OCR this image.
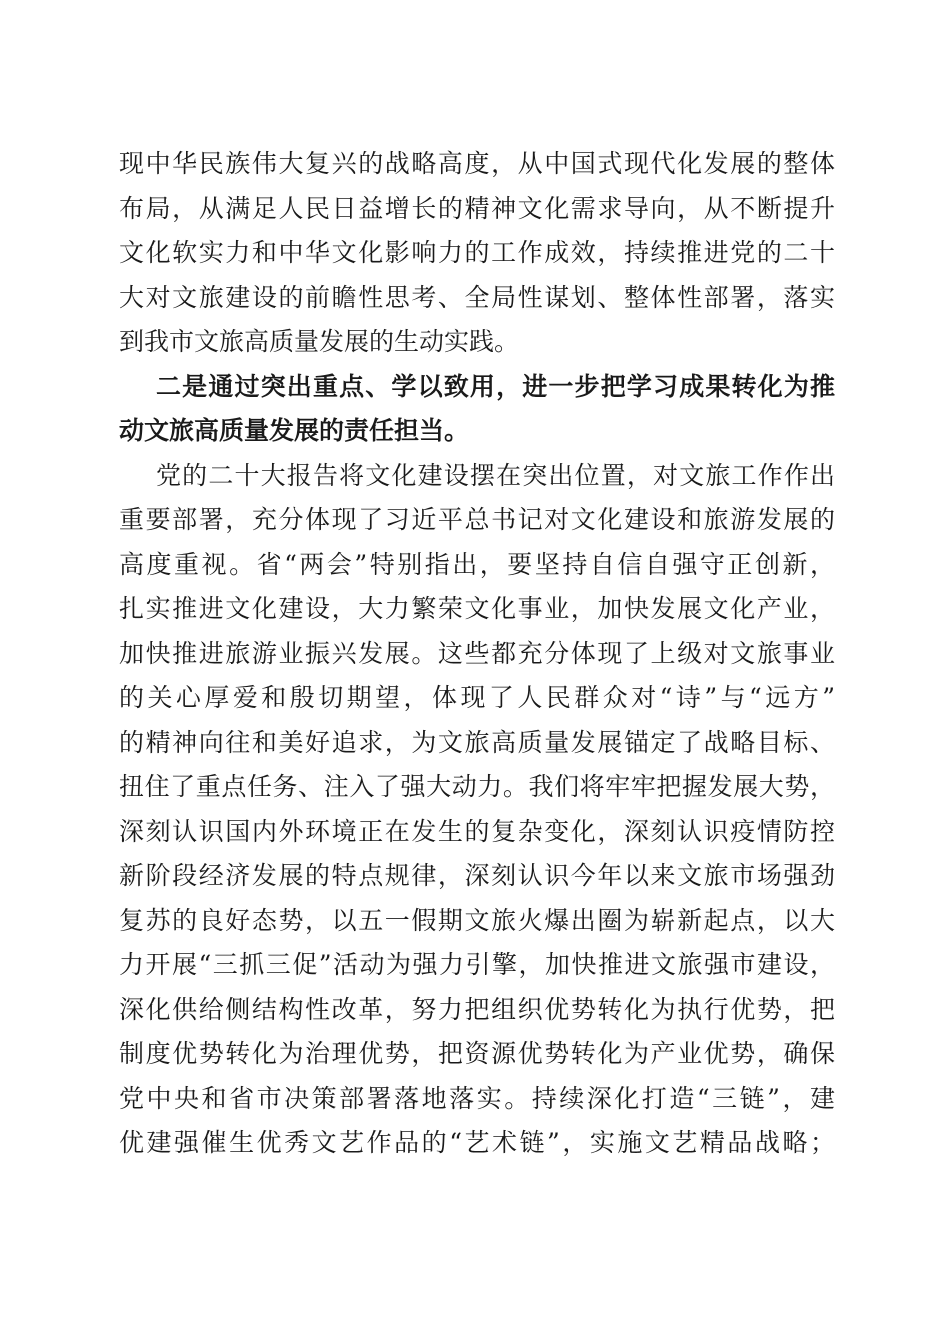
现中华民族伟大复兴的战略高度，从中国式现代化发展的整体
布局，从满足人民日益增长的精神文化需求导向，从不断提升
文化软实力和中华文化影响力的工作成效，持续推进党的二十
大对文旅建设的前瞻性思考、全局性谋划、整体性部署，落实
到我市文旅高质量发展的生动实践。
二是通过突出重点、学以致用，进一步把学习成果转化为推
动文旅高质量发展的责任担当。
党的二十大报告将文化建设摆在突出位置，对文旅工作作出
重要部署，充分体现了习近平总书记对文化建设和旅游发展的
高度重视。省“两会”特别指出，要坚持自信自强守正创新，
扎实推进文化建设，大力繁荣文化事业，加快发展文化产业，
加快推进旅游业振兴发展。这些都充分体现了上级对文旅事业
的关心厚爱和殷切期望，体现了人民群众对“诗”与“远方”
的精神向往和美好追求，为文旅高质量发展锚定了战略目标、
扭住了重点任务、注入了强大动力。我们将牢牢把握发展大势，
深刻认识国内外环境正在发生的复杂变化，深刻认识疫情防控
新阶段经济发展的特点规律，深刻认识今年以来文旅市场强劲
复苏的良好态势，以五一假期文旅火爆出圈为崭新起点，以大
力开展“三抓三促”活动为强力引擎，加快推进文旅强市建设，
深化供给侧结构性改革，努力把组织优势转化为执行优势，把
制度优势转化为治理优势，把资源优势转化为产业优势，确保
党中央和省市决策部署落地落实。持续深化打造“三链”，建
优建强催生优秀文艺作品的“艺术链”，实施文艺精品战略；
